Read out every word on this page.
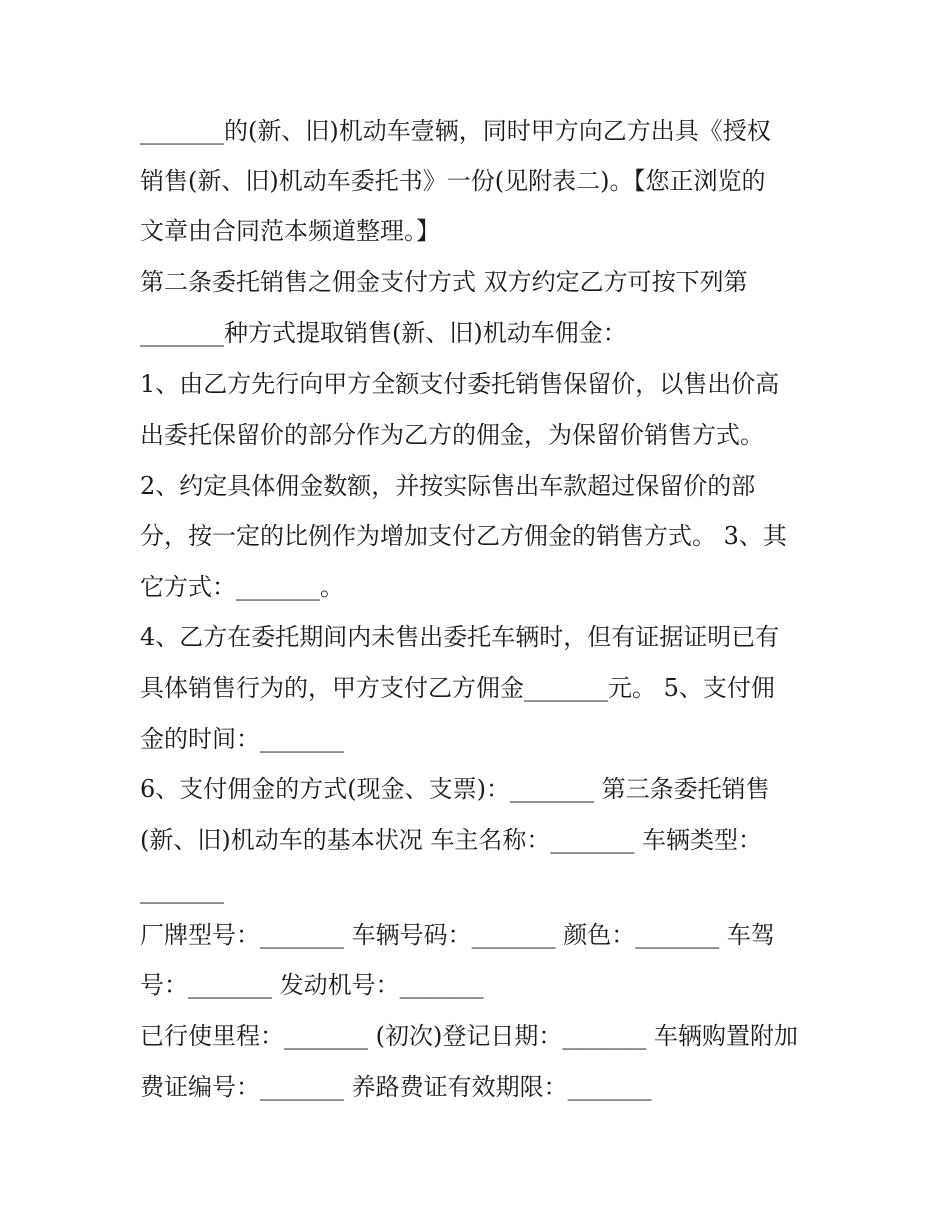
_______的(新、旧)机动车壹辆，同时甲方向乙方出具《授权
销售(新、旧)机动车委托书》一份(见附表二)。【您正浏览的
文章由合同范本频道整理。】
第二条委托销售之佣金支付方式 双方约定乙方可按下列第
_______种方式提取销售(新、旧)机动车佣金：
1、由乙方先行向甲方全额支付委托销售保留价，以售出价高
出委托保留价的部分作为乙方的佣金，为保留价销售方式。
2、约定具体佣金数额，并按实际售出车款超过保留价的部
分，按一定的比例作为增加支付乙方佣金的销售方式。 3、其
它方式：_______。
4、乙方在委托期间内未售出委托车辆时，但有证据证明已有
具体销售行为的，甲方支付乙方佣金_______元。 5、支付佣
金的时间：_______
6、支付佣金的方式(现金、支票)：_______ 第三条委托销售
(新、旧)机动车的基本状况 车主名称：_______ 车辆类型：
_______
厂牌型号：_______ 车辆号码：_______ 颜色：_______ 车驾
号：_______ 发动机号：_______
已行使里程：_______ (初次)登记日期：_______ 车辆购置附加
费证编号：_______ 养路费证有效期限：_______
